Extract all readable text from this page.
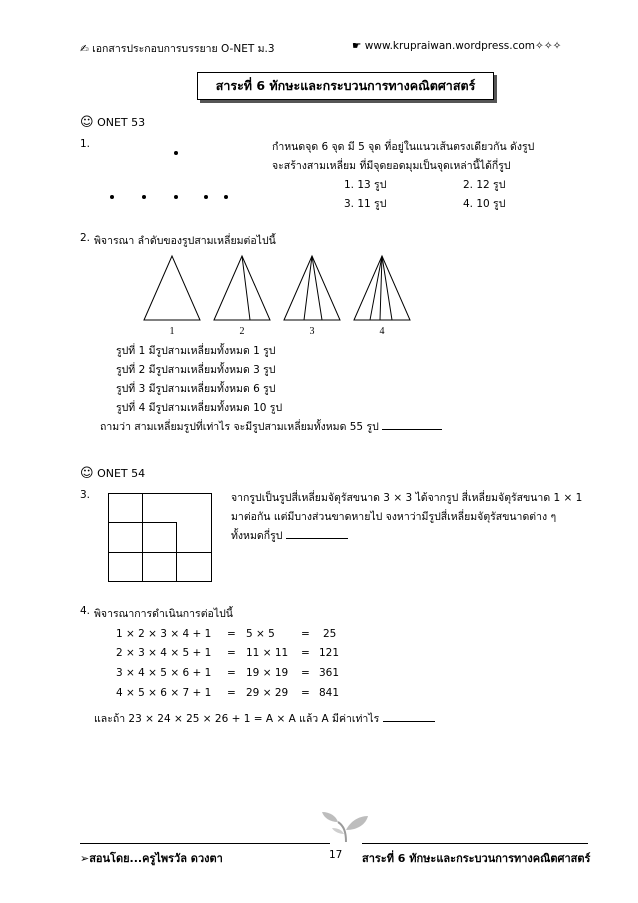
✍ เอกสารประกอบการบรรยาย O-NET ม.3	☛ www.krupraiwan.wordpress.com✧✧✧
สาระที่ 6 ทักษะและกระบวนการทางคณิตศาสตร์
☺ ONET 53
1.	กำหนดจุด 6 จุด มี 5 จุด ที่อยู่ในแนวเส้นตรงเดียวกัน ดังรูป
จะสร้างสามเหลี่ยม ที่มีจุดยอดมุมเป็นจุดเหล่านี้ได้กี่รูป
1. 13 รูป	2. 12 รูป
3. 11 รูป	4. 10 รูป
2. พิจารณา ลำดับของรูปสามเหลี่ยมต่อไปนี้
1	2	3	4
รูปที่ 1 มีรูปสามเหลี่ยมทั้งหมด 1 รูป
รูปที่ 2 มีรูปสามเหลี่ยมทั้งหมด 3 รูป
รูปที่ 3 มีรูปสามเหลี่ยมทั้งหมด 6 รูป
รูปที่ 4 มีรูปสามเหลี่ยมทั้งหมด 10 รูป
ถามว่า สามเหลี่ยมรูปที่เท่าไร จะมีรูปสามเหลี่ยมทั้งหมด 55 รูป
☺ ONET 54
3.	จากรูปเป็นรูปสี่เหลี่ยมจัตุรัสขนาด 3 × 3 ได้จากรูป สี่เหลี่ยมจัตุรัสขนาด 1 × 1
มาต่อกัน แต่มีบางส่วนขาดหายไป จงหาว่ามีรูปสี่เหลี่ยมจัตุรัสขนาดต่าง ๆ
ทั้งหมดกี่รูป
4. พิจารณาการดำเนินการต่อไปนี้
1 × 2 × 3 × 4 + 1 = 5 × 5 = 25
2 × 3 × 4 × 5 + 1 = 11 × 11 = 121
3 × 4 × 5 × 6 + 1 = 19 × 19 = 361
4 × 5 × 6 × 7 + 1 = 29 × 29 = 841
และถ้า 23 × 24 × 25 × 26 + 1 = A × A แล้ว A มีค่าเท่าไร
➢สอนโดย...ครูไพรวัล ดวงตา	17 สาระที่ 6 ทักษะและกระบวนการทางคณิตศาสตร์
